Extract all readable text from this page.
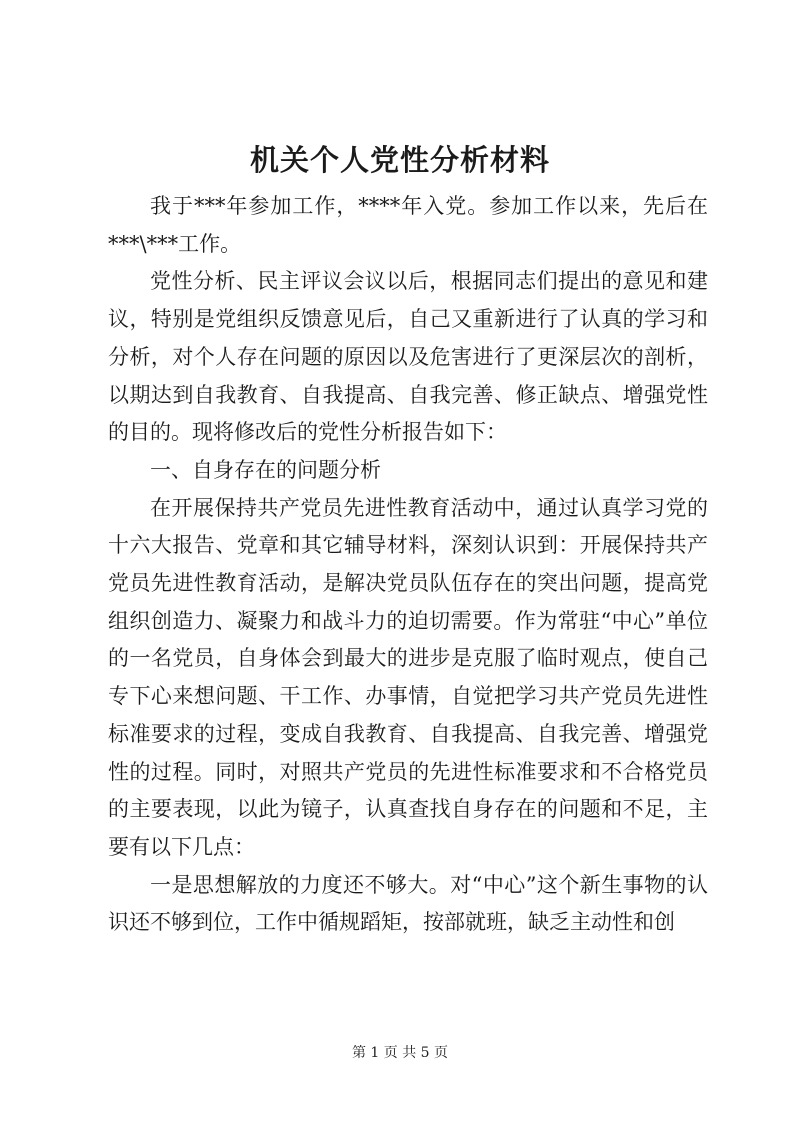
机关个人党性分析材料

我于***年参加工作，****年入党。参加工作以来，先后在***\***工作。

党性分析、民主评议会议以后，根据同志们提出的意见和建议，特别是党组织反馈意见后，自己又重新进行了认真的学习和分析，对个人存在问题的原因以及危害进行了更深层次的剖析，以期达到自我教育、自我提高、自我完善、修正缺点、增强党性的目的。现将修改后的党性分析报告如下：

一、自身存在的问题分析

在开展保持共产党员先进性教育活动中，通过认真学习党的十六大报告、党章和其它辅导材料，深刻认识到：开展保持共产党员先进性教育活动，是解决党员队伍存在的突出问题，提高党组织创造力、凝聚力和战斗力的迫切需要。作为常驻“中心”单位的一名党员，自身体会到最大的进步是克服了临时观点，使自己专下心来想问题、干工作、办事情，自觉把学习共产党员先进性标准要求的过程，变成自我教育、自我提高、自我完善、增强党性的过程。同时，对照共产党员的先进性标准要求和不合格党员的主要表现，以此为镜子，认真查找自身存在的问题和不足，主要有以下几点：

一是思想解放的力度还不够大。对“中心”这个新生事物的认识还不够到位，工作中循规蹈矩，按部就班，缺乏主动性和创

第 1 页 共 5 页
